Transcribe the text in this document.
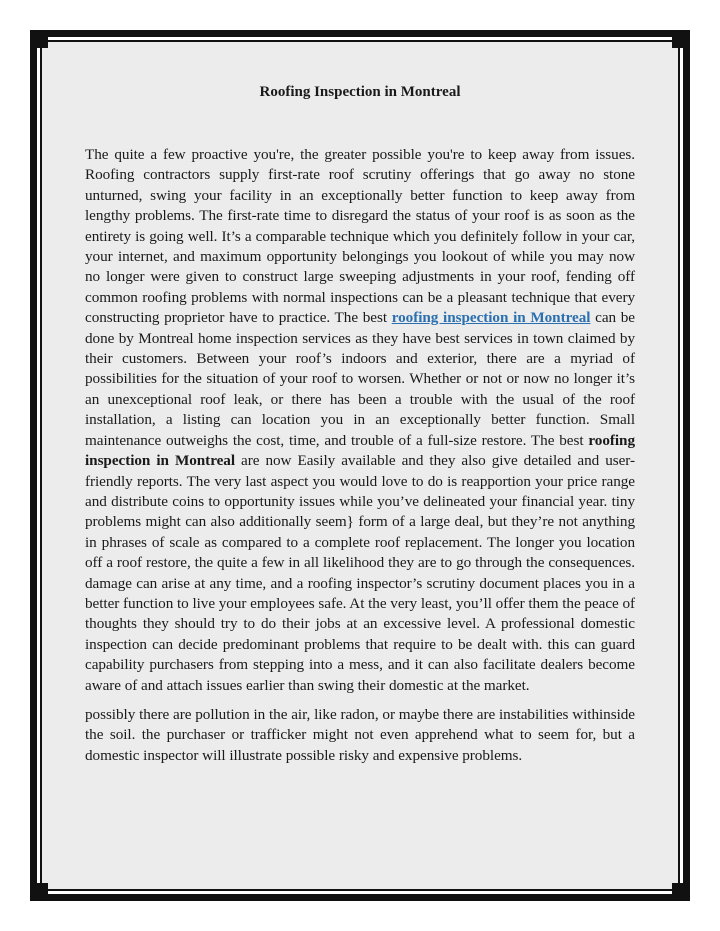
Roofing Inspection in Montreal

The quite a few proactive you're, the greater possible you're to keep away from issues. Roofing contractors supply first-rate roof scrutiny offerings that go away no stone unturned, swing your facility in an exceptionally better function to keep away from lengthy problems. The first-rate time to disregard the status of your roof is as soon as the entirety is going well. It’s a comparable technique which you definitely follow in your car, your internet, and maximum opportunity belongings you lookout of while you may now no longer were given to construct large sweeping adjustments in your roof, fending off common roofing problems with normal inspections can be a pleasant technique that every constructing proprietor have to practice. The best roofing inspection in Montreal can be done by Montreal home inspection services as they have best services in town claimed by their customers. Between your roof’s indoors and exterior, there are a myriad of possibilities for the situation of your roof to worsen. Whether or not or now no longer it’s an unexceptional roof leak, or there has been a trouble with the usual of the roof installation, a listing can location you in an exceptionally better function. Small maintenance outweighs the cost, time, and trouble of a full-size restore. The best roofing inspection in Montreal are now Easily available and they also give detailed and user-friendly reports. The very last aspect you would love to do is reapportion your price range and distribute coins to opportunity issues while you’ve delineated your financial year. tiny problems might can also additionally seem} form of a large deal, but they’re not anything in phrases of scale as compared to a complete roof replacement. The longer you location off a roof restore, the quite a few in all likelihood they are to go through the consequences. damage can arise at any time, and a roofing inspector’s scrutiny document places you in a better function to live your employees safe. At the very least, you’ll offer them the peace of thoughts they should try to do their jobs at an excessive level. A professional domestic inspection can decide predominant problems that require to be dealt with. this can guard capability purchasers from stepping into a mess, and it can also facilitate dealers become aware of and attach issues earlier than swing their domestic at the market.

possibly there are pollution in the air, like radon, or maybe there are instabilities withinside the soil. the purchaser or trafficker might not even apprehend what to seem for, but a domestic inspector will illustrate possible risky and expensive problems.
